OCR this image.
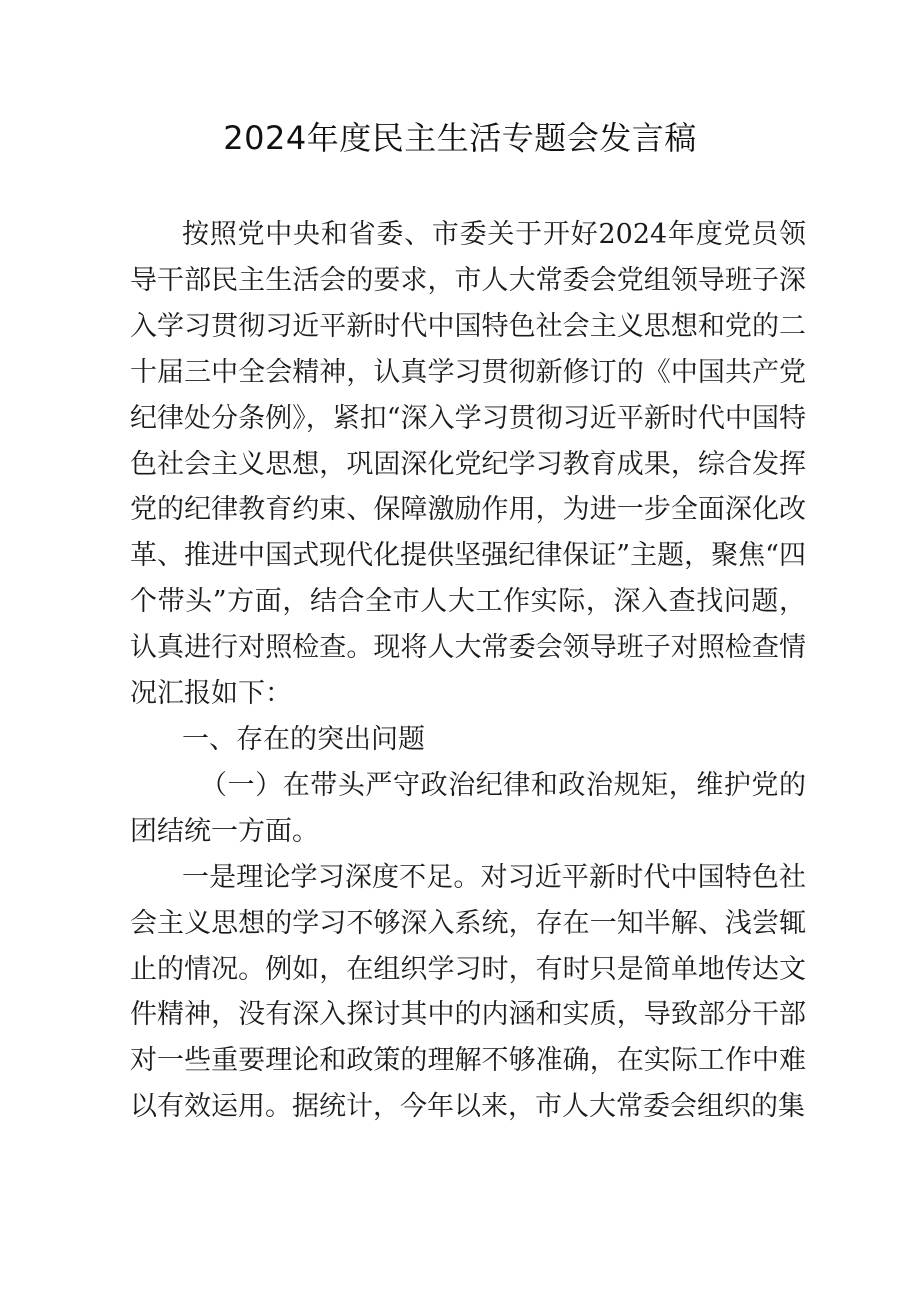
2024年度民主生活专题会发言稿

按照党中央和省委、市委关于开好2024年度党员领导干部民主生活会的要求，市人大常委会党组领导班子深入学习贯彻习近平新时代中国特色社会主义思想和党的二十届三中全会精神，认真学习贯彻新修订的《中国共产党纪律处分条例》，紧扣“深入学习贯彻习近平新时代中国特色社会主义思想，巩固深化党纪学习教育成果，综合发挥党的纪律教育约束、保障激励作用，为进一步全面深化改革、推进中国式现代化提供坚强纪律保证”主题，聚焦“四个带头”方面，结合全市人大工作实际，深入查找问题，认真进行对照检查。现将人大常委会领导班子对照检查情况汇报如下：

一、存在的突出问题

（一）在带头严守政治纪律和政治规矩，维护党的团结统一方面。

一是理论学习深度不足。对习近平新时代中国特色社会主义思想的学习不够深入系统，存在一知半解、浅尝辄止的情况。例如，在组织学习时，有时只是简单地传达文件精神，没有深入探讨其中的内涵和实质，导致部分干部对一些重要理论和政策的理解不够准确，在实际工作中难以有效运用。据统计，今年以来，市人大常委会组织的集
